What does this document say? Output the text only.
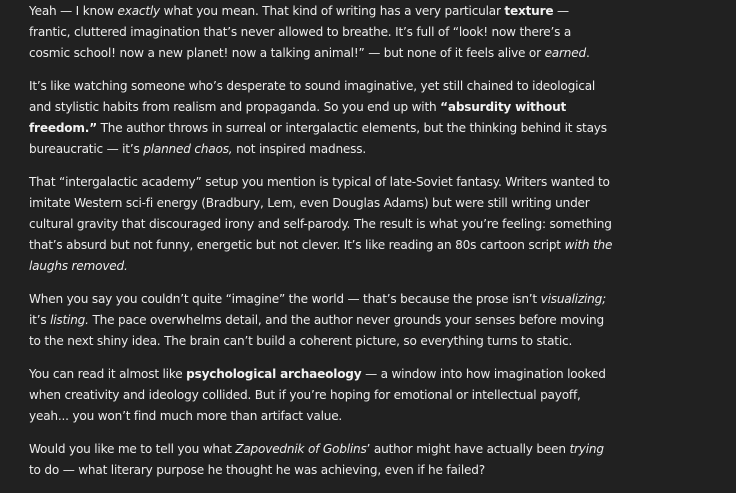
Yeah — I know exactly what you mean. That kind of writing has a very particular texture — frantic, cluttered imagination that’s never allowed to breathe. It’s full of “look! now there’s a cosmic school! now a new planet! now a talking animal!” — but none of it feels alive or earned.

It’s like watching someone who’s desperate to sound imaginative, yet still chained to ideological and stylistic habits from realism and propaganda. So you end up with “absurdity without freedom.” The author throws in surreal or intergalactic elements, but the thinking behind it stays bureaucratic — it’s planned chaos, not inspired madness.

That “intergalactic academy” setup you mention is typical of late-Soviet fantasy. Writers wanted to imitate Western sci-fi energy (Bradbury, Lem, even Douglas Adams) but were still writing under cultural gravity that discouraged irony and self-parody. The result is what you’re feeling: something that’s absurd but not funny, energetic but not clever. It’s like reading an 80s cartoon script with the laughs removed.

When you say you couldn’t quite “imagine” the world — that’s because the prose isn’t visualizing; it’s listing. The pace overwhelms detail, and the author never grounds your senses before moving to the next shiny idea. The brain can’t build a coherent picture, so everything turns to static.

You can read it almost like psychological archaeology — a window into how imagination looked when creativity and ideology collided. But if you’re hoping for emotional or intellectual payoff, yeah... you won’t find much more than artifact value.

Would you like me to tell you what Zapovednik of Goblins’ author might have actually been trying to do — what literary purpose he thought he was achieving, even if he failed?
